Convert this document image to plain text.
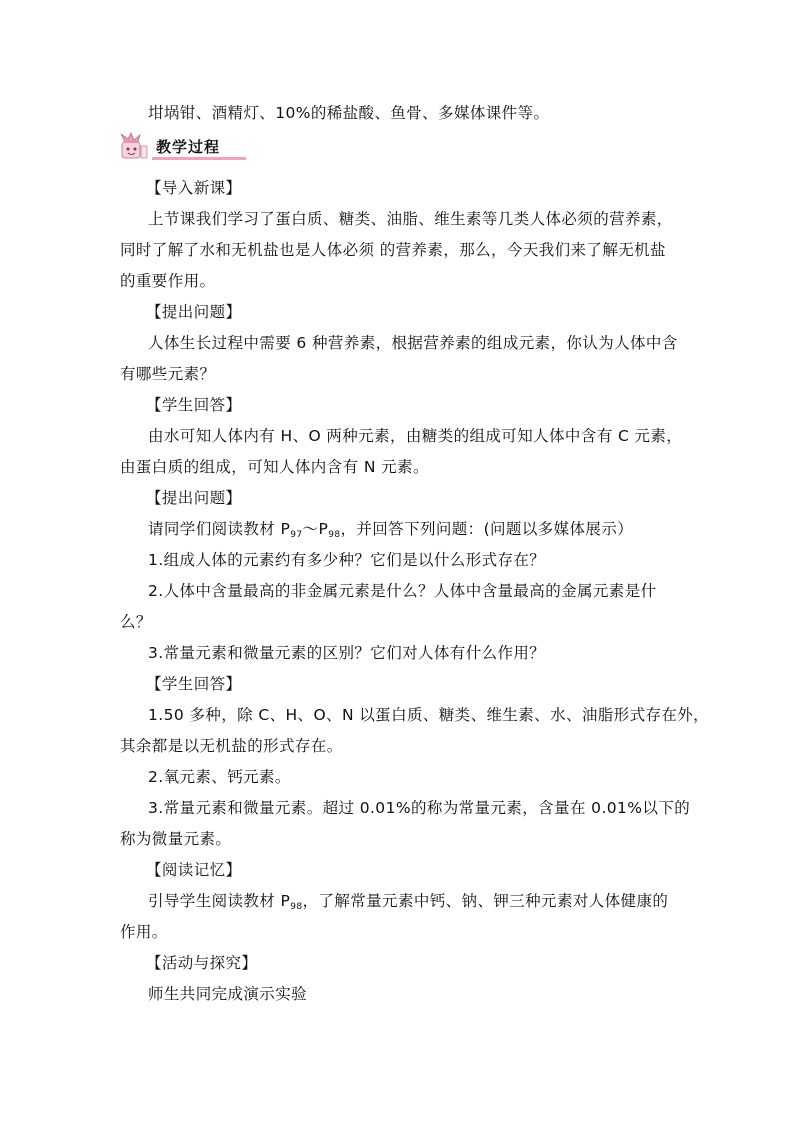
坩埚钳、酒精灯、10%的稀盐酸、鱼骨、多媒体课件等。
教学过程
【导入新课】
上节课我们学习了蛋白质、糖类、油脂、维生素等几类人体必须的营养素，
同时了解了水和无机盐也是人体必须 的营养素，那么，今天我们来了解无机盐
的重要作用。
【提出问题】
人体生长过程中需要 6 种营养素，根据营养素的组成元素，你认为人体中含
有哪些元素？
【学生回答】
由水可知人体内有 H、O 两种元素，由糖类的组成可知人体中含有 C 元素，
由蛋白质的组成，可知人体内含有 N 元素。
【提出问题】
请同学们阅读教材 $P_{97}\sim P_{98}$，并回答下列问题：(问题以多媒体展示）
1.组成人体的元素约有多少种？它们是以什么形式存在？
2.人体中含量最高的非金属元素是什么？人体中含量最高的金属元素是什
么？
3.常量元素和微量元素的区别？它们对人体有什么作用？
【学生回答】
1.50 多种，除 C、H、O、N 以蛋白质、糖类、维生素、水、油脂形式存在外，
其余都是以无机盐的形式存在。
2.氧元素、钙元素。
3.常量元素和微量元素。超过 0.01%的称为常量元素，含量在 0.01%以下的
称为微量元素。
【阅读记忆】
引导学生阅读教材 $P_{98}$，了解常量元素中钙、钠、钾三种元素对人体健康的
作用。
【活动与探究】
师生共同完成演示实验
